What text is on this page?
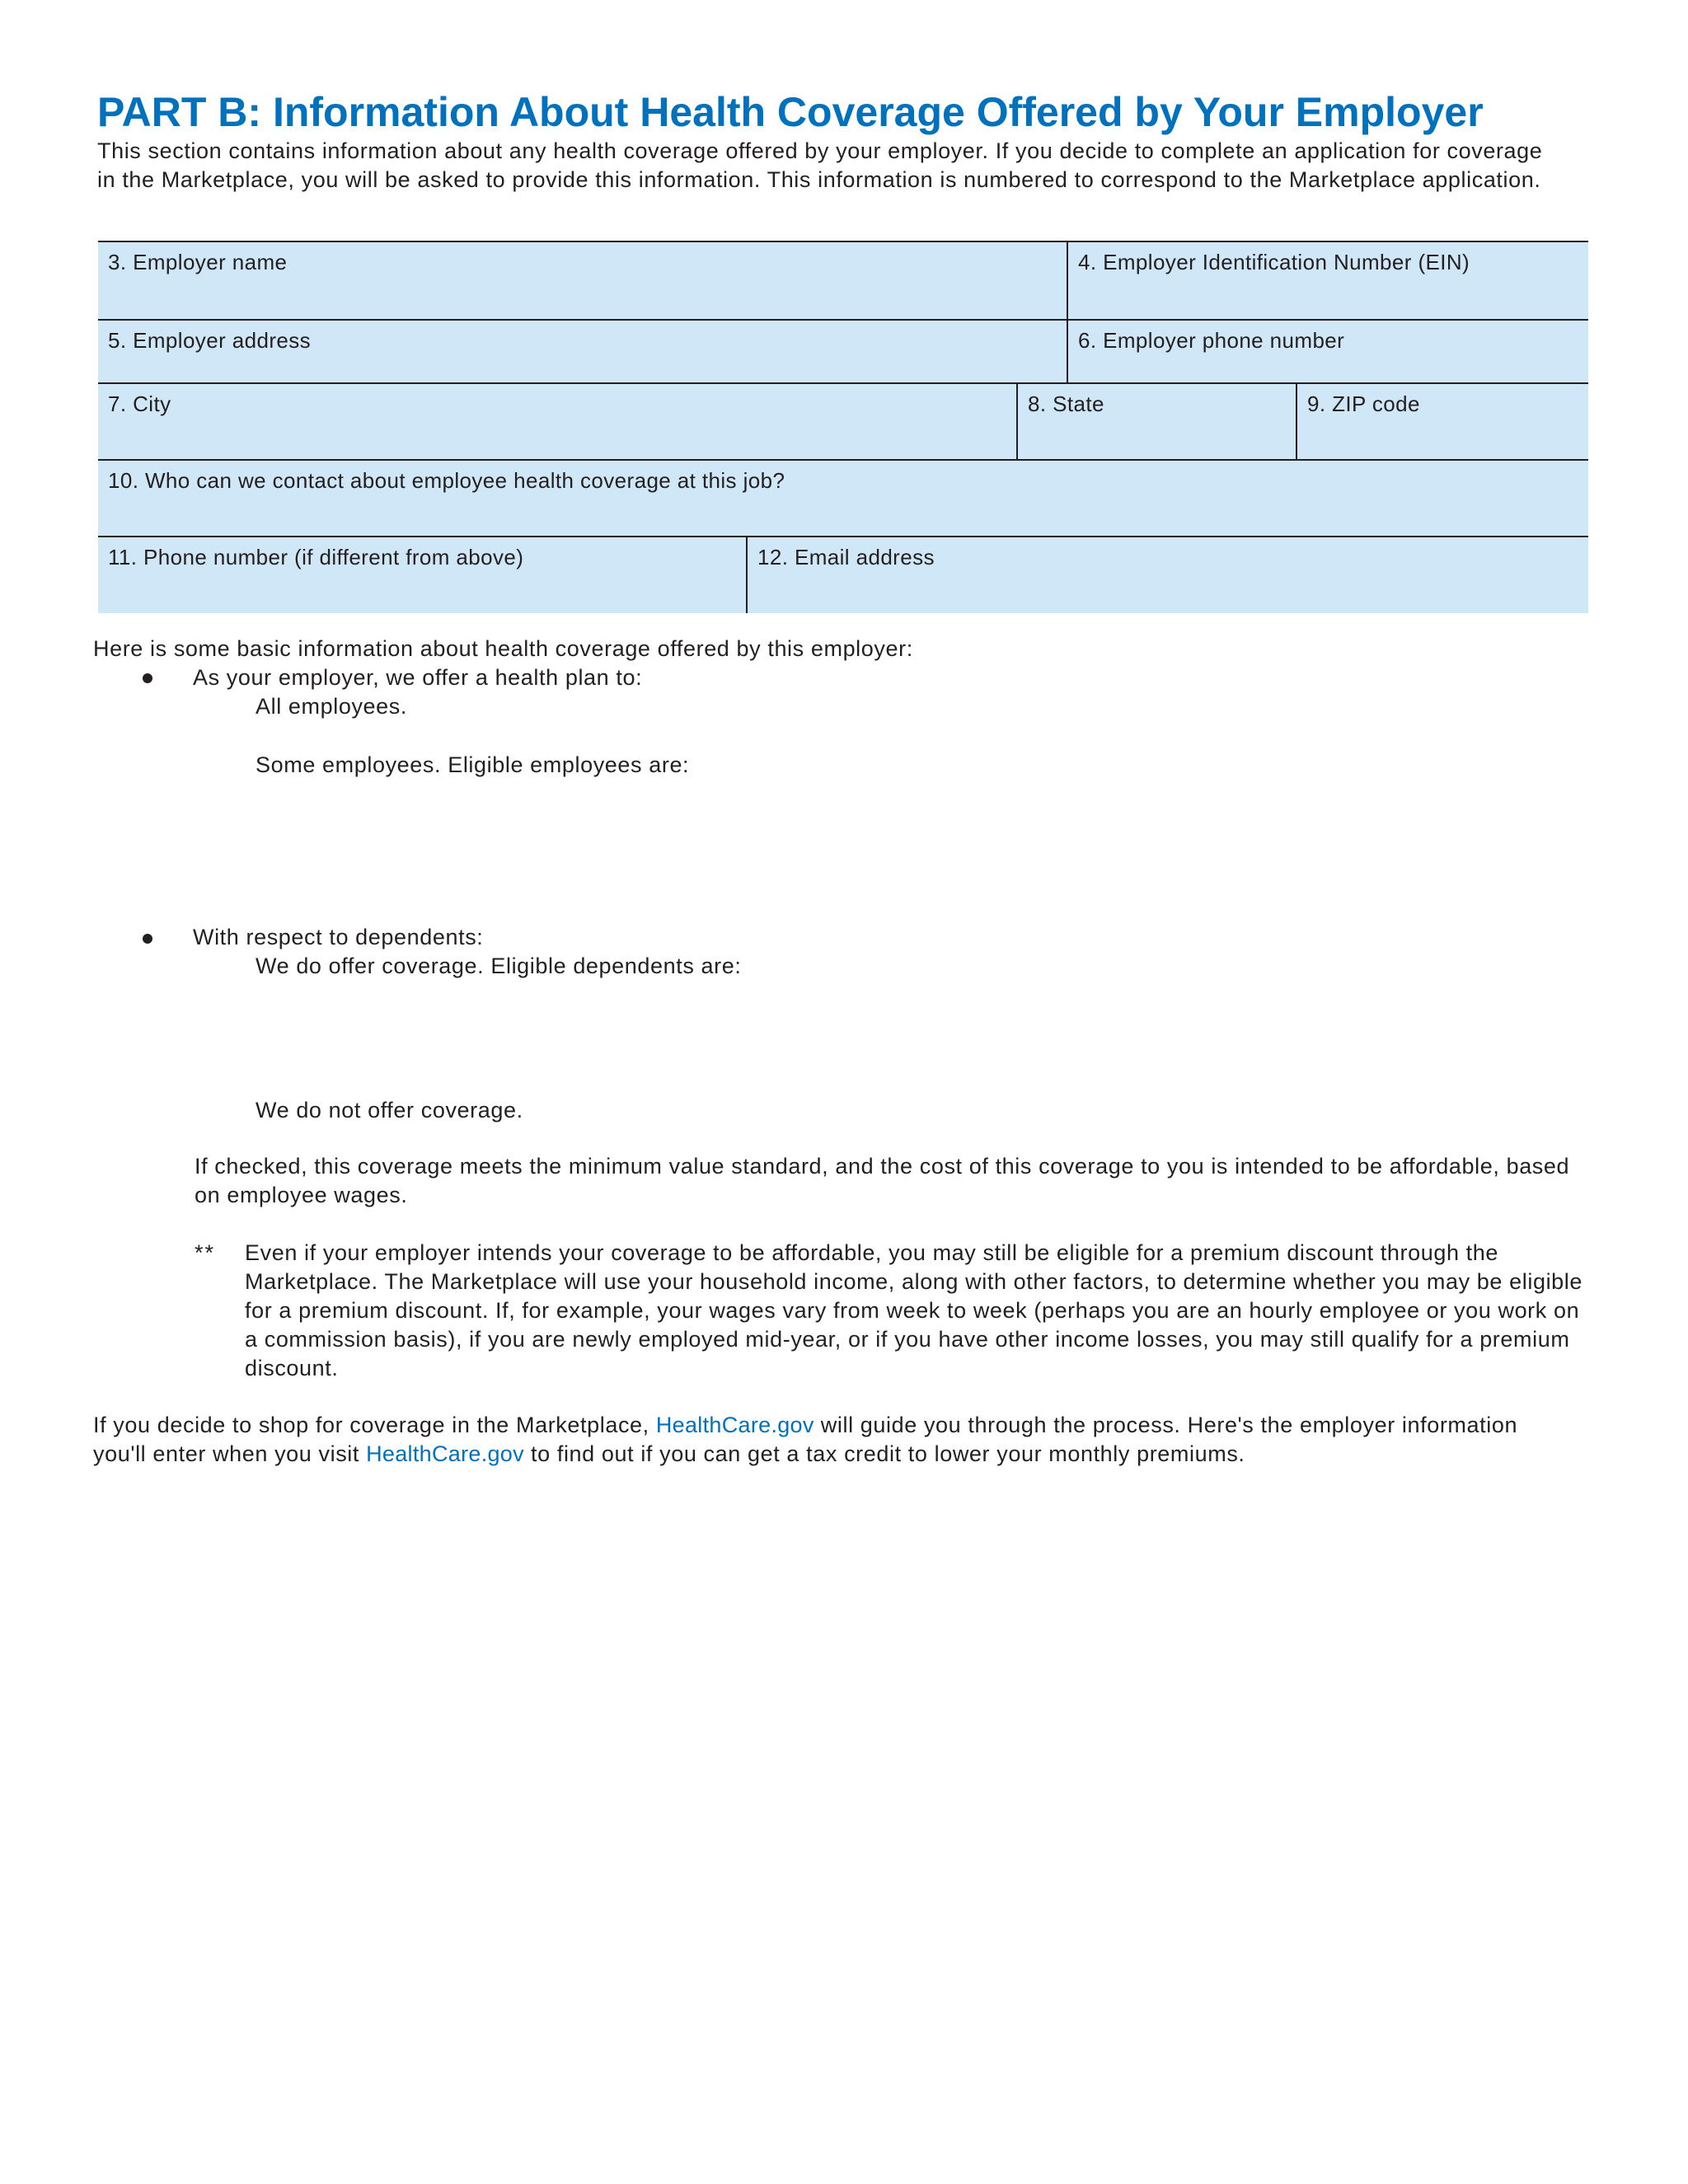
PART B: Information About Health Coverage Offered by Your Employer

This section contains information about any health coverage offered by your employer. If you decide to complete an application for coverage in the Marketplace, you will be asked to provide this information. This information is numbered to correspond to the Marketplace application.

3. Employer name	4. Employer Identification Number (EIN)
5. Employer address	6. Employer phone number
7. City	8. State	9. ZIP code
10. Who can we contact about employee health coverage at this job?
11. Phone number (if different from above)	12. Email address

Here is some basic information about health coverage offered by this employer:

As your employer, we offer a health plan to:

All employees.

Some employees. Eligible employees are:

With respect to dependents:

We do offer coverage. Eligible dependents are:

We do not offer coverage.

If checked, this coverage meets the minimum value standard, and the cost of this coverage to you is intended to be affordable, based on employee wages.

** Even if your employer intends your coverage to be affordable, you may still be eligible for a premium discount through the Marketplace. The Marketplace will use your household income, along with other factors, to determine whether you may be eligible for a premium discount. If, for example, your wages vary from week to week (perhaps you are an hourly employee or you work on a commission basis), if you are newly employed mid-year, or if you have other income losses, you may still qualify for a premium discount.

If you decide to shop for coverage in the Marketplace, HealthCare.gov will guide you through the process. Here's the employer information you'll enter when you visit HealthCare.gov to find out if you can get a tax credit to lower your monthly premiums.
